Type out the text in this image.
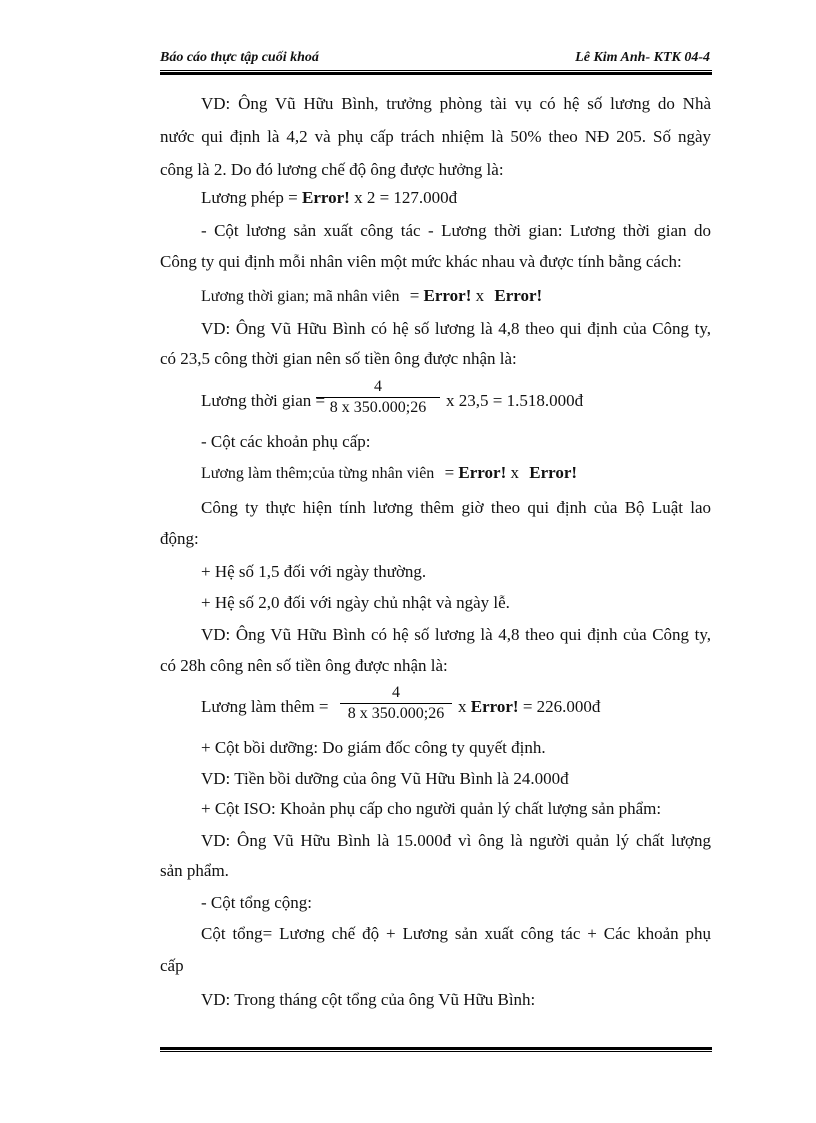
Báo cáo thực tập cuối khoá	Lê Kim Anh- KTK 04-4
VD: Ông Vũ Hữu Bình, trưởng phòng tài vụ có hệ số lương do Nhà
nước qui định là 4,2 và phụ cấp trách nhiệm là 50% theo NĐ 205. Số ngày
công là 2. Do đó lương chế độ ông được hưởng là:
Lương phép = Error! x 2 = 127.000đ
- Cột lương sản xuất công tác - Lương thời gian: Lương thời gian do
Công ty qui định mỗi nhân viên một mức khác nhau và được tính bằng cách:
Lương thời gian; mã nhân viên = Error! x Error!
VD: Ông Vũ Hữu Bình có hệ số lương là 4,8 theo qui định của Công ty,
có 23,5 công thời gian nên số tiền ông được nhận là:
Lương thời gian =
4
8 x 350.000;26	x 23,5 = 1.518.000đ
- Cột các khoản phụ cấp:
Lương làm thêm;của từng nhân viên = Error! x Error!
Công ty thực hiện tính lương thêm giờ theo qui định của Bộ Luật lao
động:
+ Hệ số 1,5 đối với ngày thường.
+ Hệ số 2,0 đối với ngày chủ nhật và ngày lễ.
VD: Ông Vũ Hữu Bình có hệ số lương là 4,8 theo qui định của Công ty,
có 28h công nên số tiền ông được nhận là:
Lương làm thêm =
4
8 x 350.000;26 x Error! = 226.000đ
+ Cột bồi dưỡng: Do giám đốc công ty quyết định.
VD: Tiền bồi dưỡng của ông Vũ Hữu Bình là 24.000đ
+ Cột ISO: Khoản phụ cấp cho người quản lý chất lượng sản phẩm:
VD: Ông Vũ Hữu Bình là 15.000đ vì ông là người quản lý chất lượng
sản phẩm.
- Cột tổng cộng:
Cột tổng= Lương chế độ + Lương sản xuất công tác + Các khoản phụ
cấp
VD: Trong tháng cột tổng của ông Vũ Hữu Bình:
